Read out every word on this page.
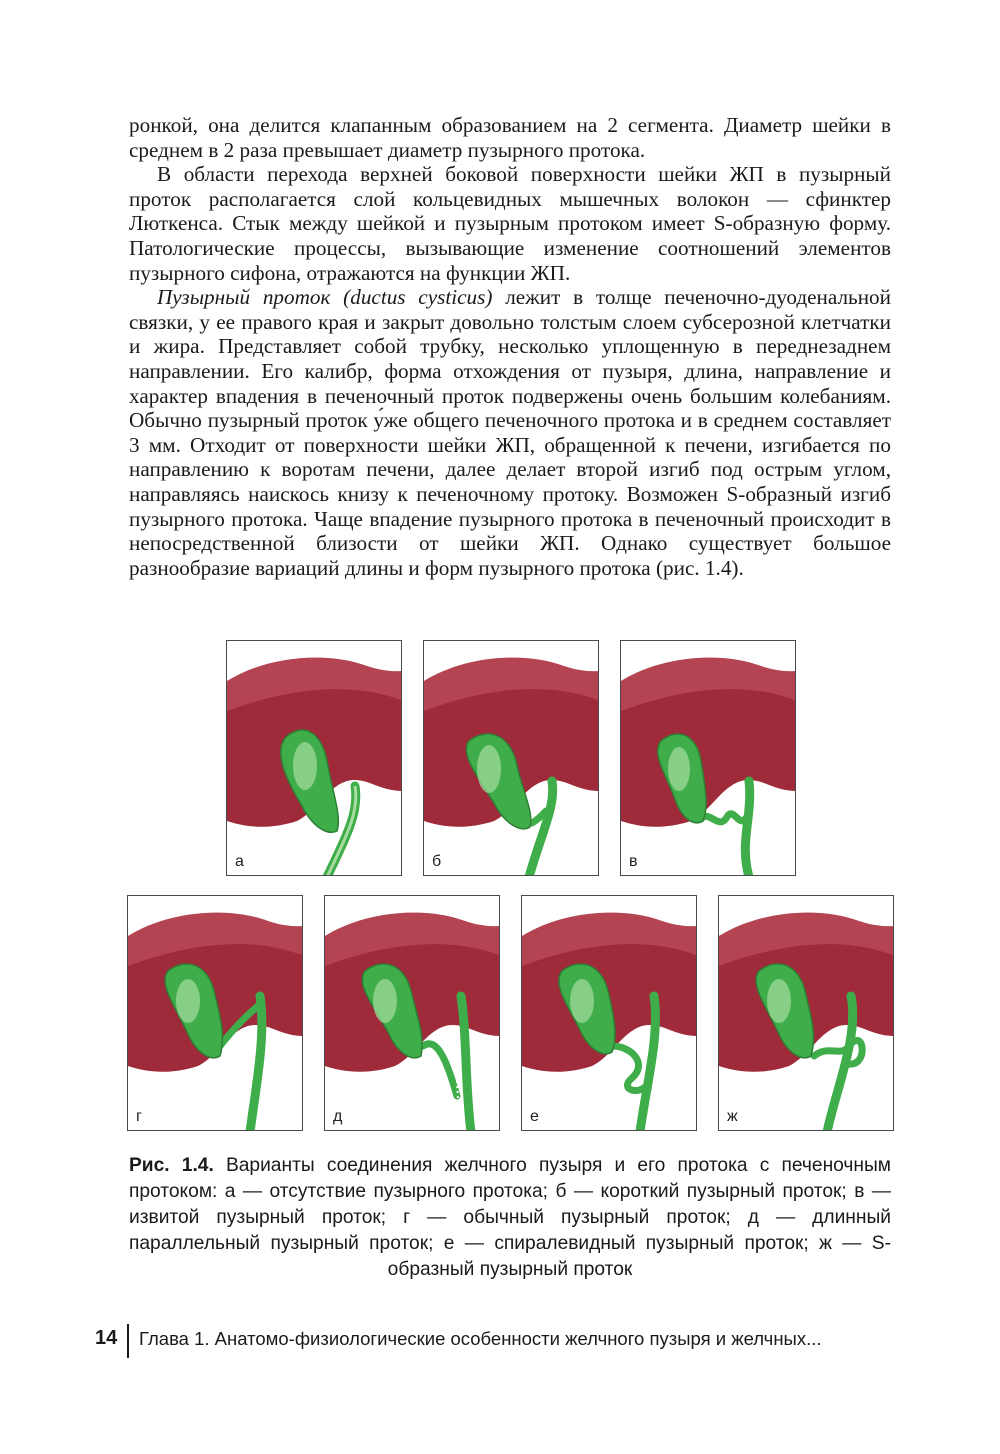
ронкой, она делится клапанным образованием на 2 сегмента. Диаметр шейки в среднем в 2 раза превышает диаметр пузырного протока.

В области перехода верхней боковой поверхности шейки ЖП в пузырный проток располагается слой кольцевидных мышечных волокон — сфинктер Люткенса. Стык между шейкой и пузырным протоком имеет S-образную форму. Патологические процессы, вызывающие изменение соотношений элементов пузырного сифона, отражаются на функции ЖП.

Пузырный проток (ductus cysticus) лежит в толще печеночно-дуоденальной связки, у ее правого края и закрыт довольно толстым слоем субсерозной клетчатки и жира. Представляет собой трубку, несколько уплощенную в переднезаднем направлении. Его калибр, форма отхождения от пузыря, длина, направление и характер впадения в печеночный проток подвержены очень большим колебаниям. Обычно пузырный проток у́же общего печеночного протока и в среднем составляет 3 мм. Отходит от поверхности шейки ЖП, обращенной к печени, изгибается по направлению к воротам печени, далее делает второй изгиб под острым углом, направляясь наискось книзу к печеночному протоку. Возможен S-образный изгиб пузырного протока. Чаще впадение пузырного протока в печеночный происходит в непосредственной близости от шейки ЖП. Однако существует большое разнообразие вариаций длины и форм пузырного протока (рис. 1.4).

а	б	в
г	д	е	ж
Рис. 1.4. Варианты соединения желчного пузыря и его протока с печеночным протоком: а — отсутствие пузырного протока; б — короткий пузырный проток; в — извитой пузырный проток; г — обычный пузырный проток; д — длинный параллельный пузырный проток; е — спиралевидный пузырный проток; ж — S-образный пузырный проток
14 Глава 1. Анатомо-физиологические особенности желчного пузыря и желчных...
